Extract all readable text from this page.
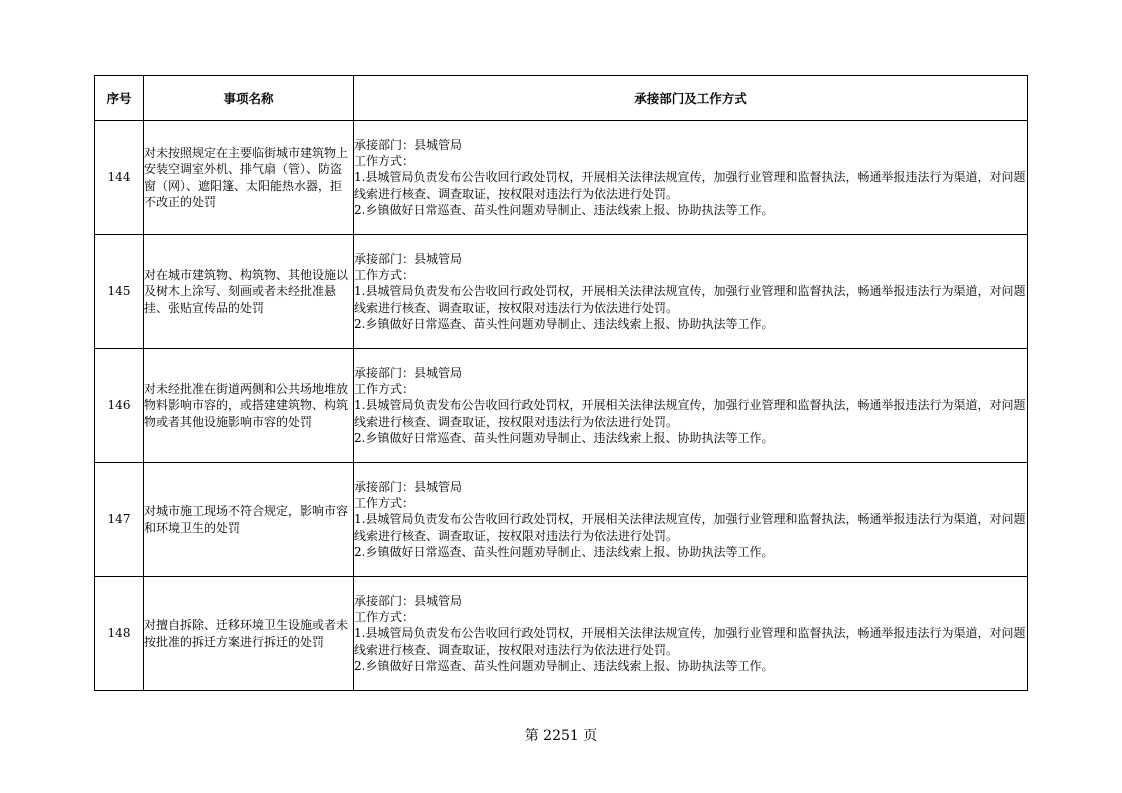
序号	事项名称	承接部门及工作方式
144	对未按照规定在主要临街城市建筑物上安装空调室外机、排气扇（管）、防盗窗（网）、遮阳篷、太阳能热水器，拒不改正的处罚	承接部门：县城管局
工作方式：
1.县城管局负责发布公告收回行政处罚权，开展相关法律法规宣传，加强行业管理和监督执法，畅通举报违法行为渠道，对问题线索进行核查、调查取证，按权限对违法行为依法进行处罚。
2.乡镇做好日常巡查、苗头性问题劝导制止、违法线索上报、协助执法等工作。

145	对在城市建筑物、构筑物、其他设施以及树木上涂写、刻画或者未经批准悬挂、张贴宣传品的处罚	承接部门：县城管局
工作方式：
1.县城管局负责发布公告收回行政处罚权，开展相关法律法规宣传，加强行业管理和监督执法，畅通举报违法行为渠道，对问题线索进行核查、调查取证，按权限对违法行为依法进行处罚。
2.乡镇做好日常巡查、苗头性问题劝导制止、违法线索上报、协助执法等工作。

146	对未经批准在街道两侧和公共场地堆放物料影响市容的，或搭建建筑物、构筑物或者其他设施影响市容的处罚	承接部门：县城管局
工作方式：
1.县城管局负责发布公告收回行政处罚权，开展相关法律法规宣传，加强行业管理和监督执法，畅通举报违法行为渠道，对问题线索进行核查、调查取证，按权限对违法行为依法进行处罚。
2.乡镇做好日常巡查、苗头性问题劝导制止、违法线索上报、协助执法等工作。

147	对城市施工现场不符合规定，影响市容和环境卫生的处罚	承接部门：县城管局
工作方式：
1.县城管局负责发布公告收回行政处罚权，开展相关法律法规宣传，加强行业管理和监督执法，畅通举报违法行为渠道，对问题线索进行核查、调查取证，按权限对违法行为依法进行处罚。
2.乡镇做好日常巡查、苗头性问题劝导制止、违法线索上报、协助执法等工作。

148	对擅自拆除、迁移环境卫生设施或者未按批准的拆迁方案进行拆迁的处罚	承接部门：县城管局
工作方式：
1.县城管局负责发布公告收回行政处罚权，开展相关法律法规宣传，加强行业管理和监督执法，畅通举报违法行为渠道，对问题线索进行核查、调查取证，按权限对违法行为依法进行处罚。
2.乡镇做好日常巡查、苗头性问题劝导制止、违法线索上报、协助执法等工作。
第 2251 页
